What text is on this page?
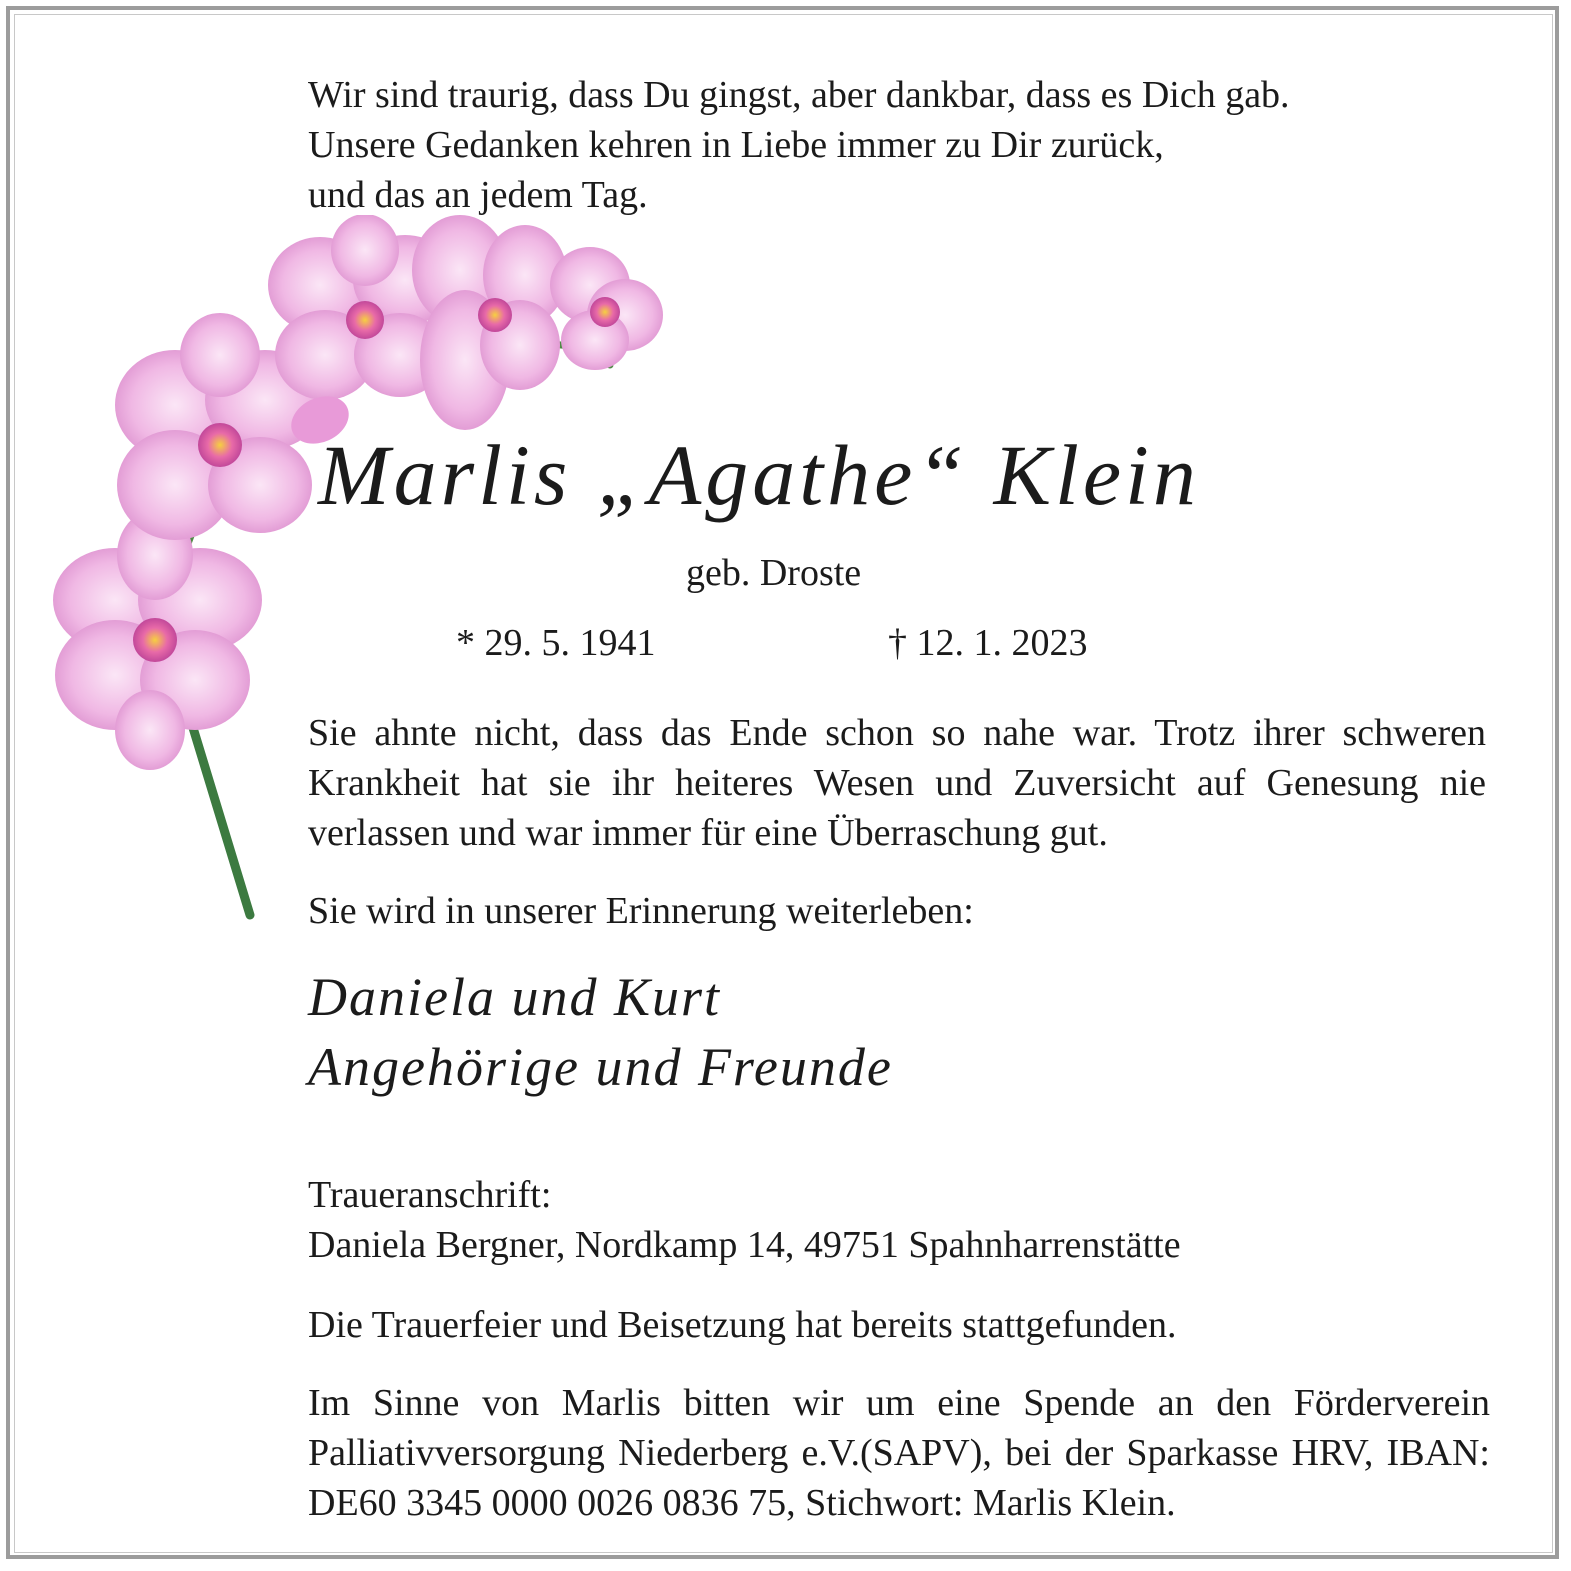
Wir sind traurig, dass Du gingst, aber dankbar, dass es Dich gab.
Unsere Gedanken kehren in Liebe immer zu Dir zurück,
und das an jedem Tag.

Marlis „Agathe“ Klein
geb. Droste
* 29. 5. 1941	† 12. 1. 2023

Sie ahnte nicht, dass das Ende schon so nahe war. Trotz ihrer schweren Krankheit hat sie ihr heiteres Wesen und Zuversicht auf Genesung nie verlassen und war immer für eine Überraschung gut.

Sie wird in unserer Erinnerung weiterleben:
Daniela und Kurt
Angehörige und Freunde
Traueranschrift:
Daniela Bergner, Nordkamp 14, 49751 Spahnharrenstätte
Die Trauerfeier und Beisetzung hat bereits stattgefunden.

Im Sinne von Marlis bitten wir um eine Spende an den Förderverein Palliativversorgung Niederberg e.V.(SAPV), bei der Sparkasse HRV, IBAN: DE60 3345 0000 0026 0836 75, Stichwort: Marlis Klein.
